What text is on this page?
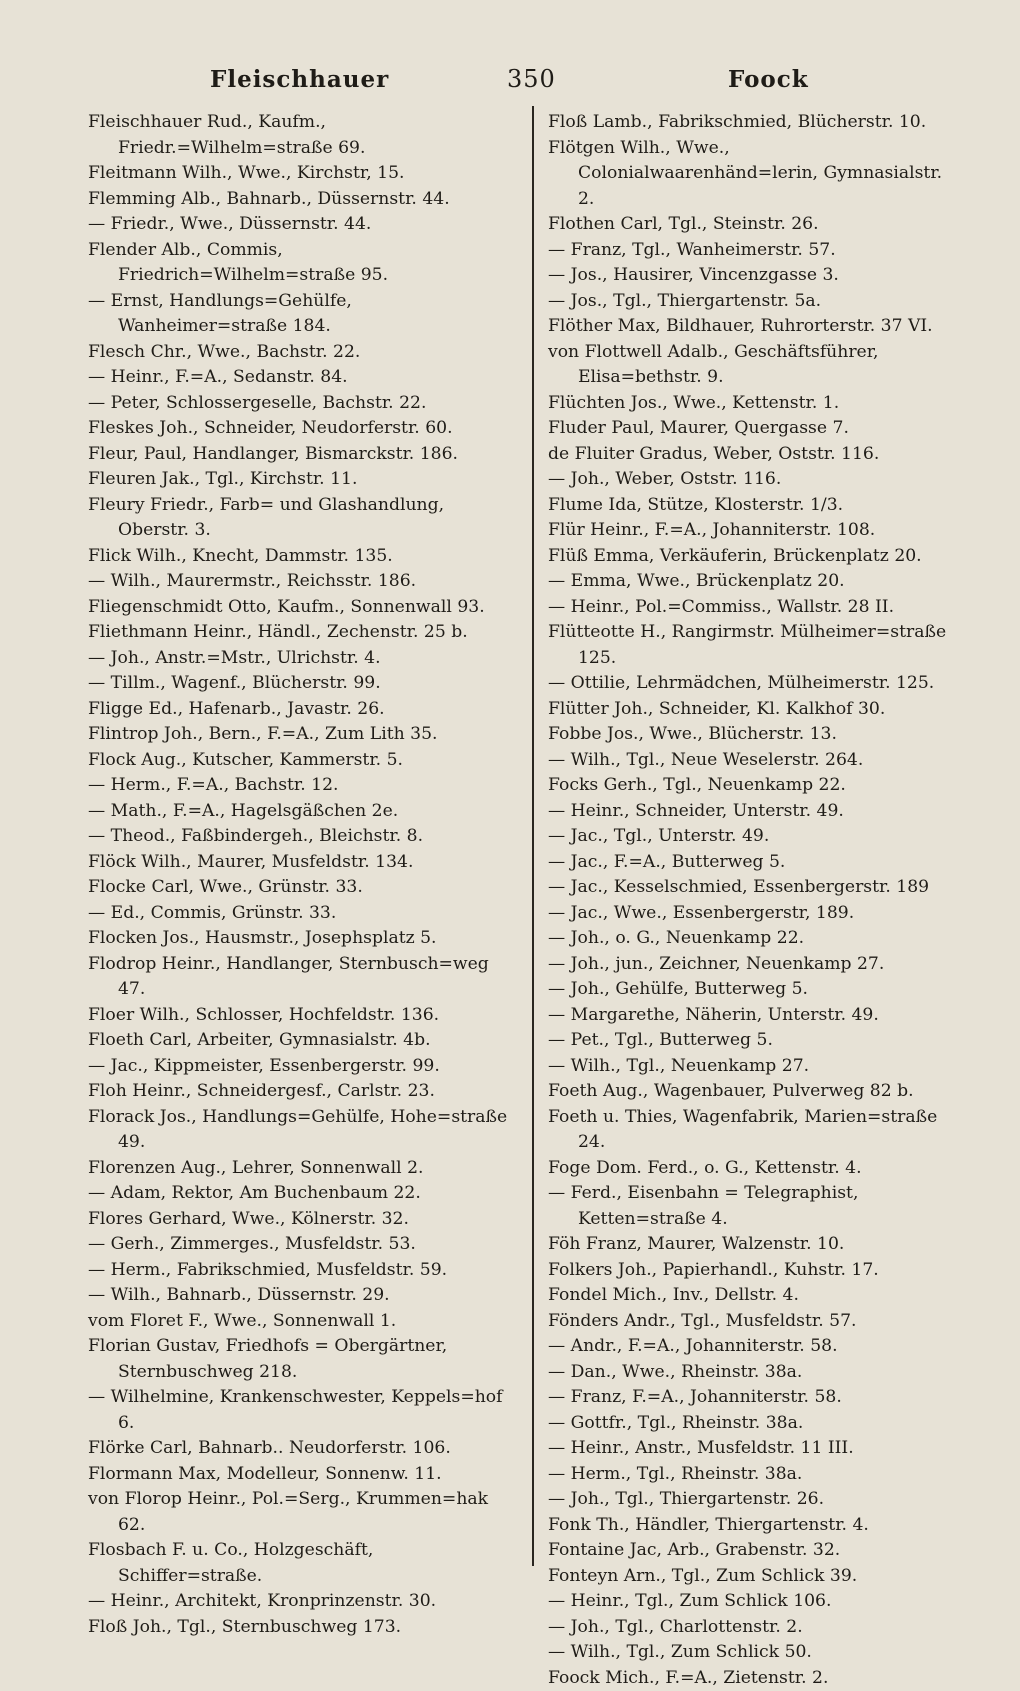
Fleischhauer	350	Foock
Fleischhauer Rud., Kaufm., Friedr.=Wilhelm=straße 69.
Fleitmann Wilh., Wwe., Kirchstr, 15.
Flemming Alb., Bahnarb., Düssernstr. 44.
— Friedr., Wwe., Düssernstr. 44.
Flender Alb., Commis, Friedrich=Wilhelm=straße 95.
— Ernst, Handlungs=Gehülfe, Wanheimer=straße 184.
Flesch Chr., Wwe., Bachstr. 22.
— Heinr., F.=A., Sedanstr. 84.
— Peter, Schlossergeselle, Bachstr. 22.
Fleskes Joh., Schneider, Neudorferstr. 60.
Fleur, Paul, Handlanger, Bismarckstr. 186.
Fleuren Jak., Tgl., Kirchstr. 11.
Fleury Friedr., Farb= und Glashandlung, Oberstr. 3.
Flick Wilh., Knecht, Dammstr. 135.
— Wilh., Maurermstr., Reichsstr. 186.
Fliegenschmidt Otto, Kaufm., Sonnenwall 93.
Fliethmann Heinr., Händl., Zechenstr. 25 b.
— Joh., Anstr.=Mstr., Ulrichstr. 4.
— Tillm., Wagenf., Blücherstr. 99.
Fligge Ed., Hafenarb., Javastr. 26.
Flintrop Joh., Bern., F.=A., Zum Lith 35.
Flock Aug., Kutscher, Kammerstr. 5.
— Herm., F.=A., Bachstr. 12.
— Math., F.=A., Hagelsgäßchen 2e.
— Theod., Faßbindergeh., Bleichstr. 8.
Flöck Wilh., Maurer, Musfeldstr. 134.
Flocke Carl, Wwe., Grünstr. 33.
— Ed., Commis, Grünstr. 33.
Flocken Jos., Hausmstr., Josephsplatz 5.
Flodrop Heinr., Handlanger, Sternbusch=weg 47.
Floer Wilh., Schlosser, Hochfeldstr. 136.
Floeth Carl, Arbeiter, Gymnasialstr. 4b.
— Jac., Kippmeister, Essenbergerstr. 99.
Floh Heinr., Schneidergesf., Carlstr. 23.
Florack Jos., Handlungs=Gehülfe, Hohe=straße 49.
Florenzen Aug., Lehrer, Sonnenwall 2.
— Adam, Rektor, Am Buchenbaum 22.
Flores Gerhard, Wwe., Kölnerstr. 32.
— Gerh., Zimmerges., Musfeldstr. 53.
— Herm., Fabrikschmied, Musfeldstr. 59.
— Wilh., Bahnarb., Düssernstr. 29.
vom Floret F., Wwe., Sonnenwall 1.
Florian Gustav, Friedhofs = Obergärtner, Sternbuschweg 218.
— Wilhelmine, Krankenschwester, Keppels=hof 6.
Flörke Carl, Bahnarb.. Neudorferstr. 106.
Flormann Max, Modelleur, Sonnenw. 11.
von Florop Heinr., Pol.=Serg., Krummen=hak 62.
Flosbach F. u. Co., Holzgeschäft, Schiffer=straße.
— Heinr., Architekt, Kronprinzenstr. 30.
Floß Joh., Tgl., Sternbuschweg 173.
Floß Lamb., Fabrikschmied, Blücherstr. 10.
Flötgen Wilh., Wwe., Colonialwaarenhänd=lerin, Gymnasialstr. 2.
Flothen Carl, Tgl., Steinstr. 26.
— Franz, Tgl., Wanheimerstr. 57.
— Jos., Hausirer, Vincenzgasse 3.
— Jos., Tgl., Thiergartenstr. 5a.
Flöther Max, Bildhauer, Ruhrorterstr. 37 VI.
von Flottwell Adalb., Geschäftsführer, Elisa=bethstr. 9.
Flüchten Jos., Wwe., Kettenstr. 1.
Fluder Paul, Maurer, Quergasse 7.
de Fluiter Gradus, Weber, Oststr. 116.
— Joh., Weber, Oststr. 116.
Flume Ida, Stütze, Klosterstr. 1/3.
Flür Heinr., F.=A., Johanniterstr. 108.
Flüß Emma, Verkäuferin, Brückenplatz 20.
— Emma, Wwe., Brückenplatz 20.
— Heinr., Pol.=Commiss., Wallstr. 28 II.
Flütteotte H., Rangirmstr. Mülheimer=straße 125.
— Ottilie, Lehrmädchen, Mülheimerstr. 125.
Flütter Joh., Schneider, Kl. Kalkhof 30.
Fobbe Jos., Wwe., Blücherstr. 13.
— Wilh., Tgl., Neue Weselerstr. 264.
Focks Gerh., Tgl., Neuenkamp 22.
— Heinr., Schneider, Unterstr. 49.
— Jac., Tgl., Unterstr. 49.
— Jac., F.=A., Butterweg 5.
— Jac., Kesselschmied, Essenbergerstr. 189
— Jac., Wwe., Essenbergerstr, 189.
— Joh., o. G., Neuenkamp 22.
— Joh., jun., Zeichner, Neuenkamp 27.
— Joh., Gehülfe, Butterweg 5.
— Margarethe, Näherin, Unterstr. 49.
— Pet., Tgl., Butterweg 5.
— Wilh., Tgl., Neuenkamp 27.
Foeth Aug., Wagenbauer, Pulverweg 82 b.
Foeth u. Thies, Wagenfabrik, Marien=straße 24.
Foge Dom. Ferd., o. G., Kettenstr. 4.
— Ferd., Eisenbahn = Telegraphist, Ketten=straße 4.
Föh Franz, Maurer, Walzenstr. 10.
Folkers Joh., Papierhandl., Kuhstr. 17.
Fondel Mich., Inv., Dellstr. 4.
Fönders Andr., Tgl., Musfeldstr. 57.
— Andr., F.=A., Johanniterstr. 58.
— Dan., Wwe., Rheinstr. 38a.
— Franz, F.=A., Johanniterstr. 58.
— Gottfr., Tgl., Rheinstr. 38a.
— Heinr., Anstr., Musfeldstr. 11 III.
— Herm., Tgl., Rheinstr. 38a.
— Joh., Tgl., Thiergartenstr. 26.
Fonk Th., Händler, Thiergartenstr. 4.
Fontaine Jac, Arb., Grabenstr. 32.
Fonteyn Arn., Tgl., Zum Schlick 39.
— Heinr., Tgl., Zum Schlick 106.
— Joh., Tgl., Charlottenstr. 2.
— Wilh., Tgl., Zum Schlick 50.
Foock Mich., F.=A., Zietenstr. 2.
